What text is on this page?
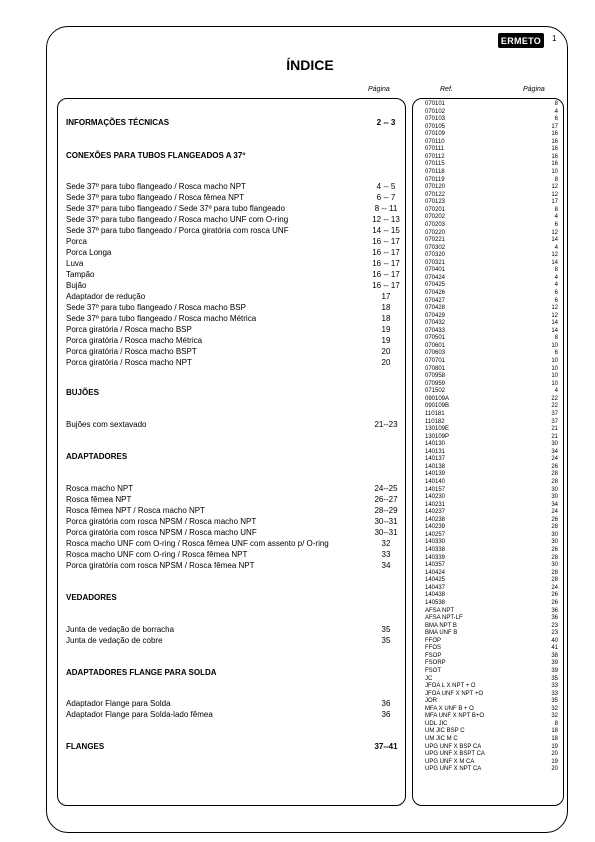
ERMETO 1
ÍNDICE
Página	Ref.	Página
INFORMAÇÕES TÉCNICAS	2 -- 3
CONEXÕES PARA TUBOS FLANGEADOS A 37º
Sede 37º para tubo flangeado / Rosca macho NPT	4 -- 5
Sede 37º para tubo flangeado / Rosca fêmea NPT	6 -- 7
Sede 37º para tubo flangeado / Sede 37º para tubo flangeado	8 -- 11
Sede 37º para tubo flangeado / Rosca macho UNF com O-ring	12 -- 13
Sede 37º para tubo flangeado / Porca giratória com rosca UNF	14 -- 15
Porca	16 -- 17
Porca Longa	16 -- 17
Luva	16 -- 17
Tampão	16 -- 17
Bujão	16 -- 17
Adaptador de redução	17
Sede 37º para tubo flangeado / Rosca macho BSP	18
Sede 37º para tubo flangeado / Rosca macho Métrica	18
Porca giratória / Rosca macho BSP	19
Porca giratória / Rosca macho Métrica	19
Porca giratória / Rosca macho BSPT	20
Porca giratória / Rosca macho NPT	20
BUJÕES
Bujões com sextavado	21--23
ADAPTADORES
Rosca macho NPT	24--25
Rosca fêmea NPT	26--27
Rosca fêmea NPT / Rosca macho NPT	28--29
Porca giratória com rosca NPSM / Rosca macho NPT	30--31
Porca giratória com rosca NPSM / Rosca macho UNF	30--31
Rosca macho UNF com O-ring / Rosca fêmea UNF com assento p/ O-ring	32
Rosca macho UNF com O-ring / Rosca fêmea NPT	33
Porca giratória com rosca NPSM / Rosca fêmea NPT	34
VEDADORES
Junta de vedação de borracha	35
Junta de vedação de cobre	35
ADAPTADORES FLANGE PARA SOLDA
Adaptador Flange para Solda	36
Adaptador Flange para Solda-lado fêmea	36
FLANGES	37--41
070101	8
070102	4
070103	6
070105	17
070109	16
070110	16
070111	16
070112	16
070115	16
070118	10
070119	8
070120	12
070122	12
070123	17
070201	8
070202	4
070203	6
070220	12
070221	14
070302	4
070320	12
070321	14
070401	8
070424	4
070425	4
070426	6
070427	6
070428	12
070429	12
070432	14
070433	14
070501	8
070601	10
070603	6
070701	10
070801	10
070958	10
070959	10
071502	4
090109A	22
090109B	22
110181	37
110182	37
130109E	21
130109P	21
140130	30
140131	34
140137	24
140138	26
140139	28
140140	28
140157	30
140230	30
140231	34
140237	24
140238	26
140239	28
140257	30
140330	30
140338	26
140339	28
140357	30
140424	28
140425	28
140437	24
140438	26
140538	26
AFSA NPT	36
AFSA NPT-LF	36
BMA NPT B	23
BMA UNF B	23
FFOP	40
FFOS	41
FSOP	38
FSORP	39
FSOT	39
JC	35
JFOA L X NPT + O	33
JFOA UNF X NPT +O	33
JOR	35
MFA X UNF B + O	32
MFA UNF X NPT B+O	32
UDL JIC	8
UM JIC BSP C	18
UM JIC M C	18
UPG UNF X BSP CA	19
UPG UNF X BSPT CA	20
UPG UNF X M CA	19
UPG UNF X NPT CA	20
